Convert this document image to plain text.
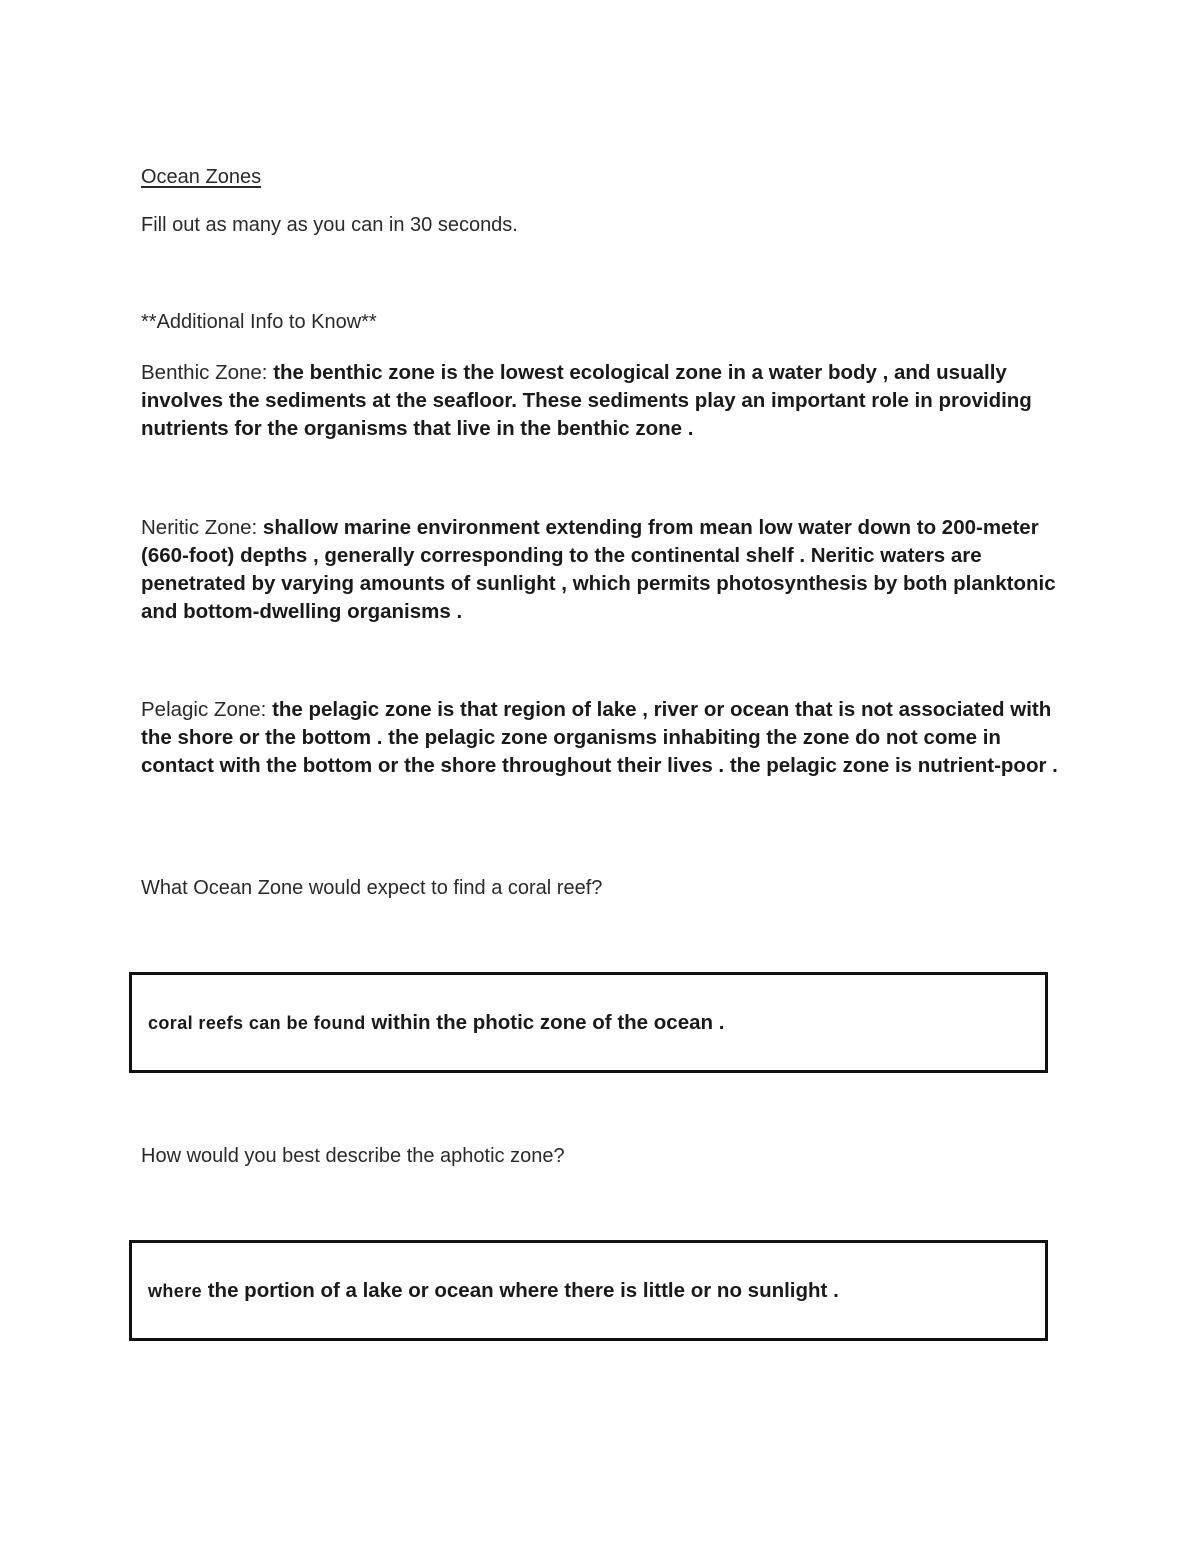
Ocean Zones
Fill out as many as you can in 30 seconds.
**Additional Info to Know**
Benthic Zone: the benthic zone is the lowest ecological zone in a water body , and usually involves the sediments at the seafloor. These sediments play an important role in providing nutrients for the organisms that live in the benthic zone .
Neritic Zone: shallow marine environment extending from mean low water down to 200-meter (660-foot) depths , generally corresponding to the continental shelf . Neritic waters are penetrated by varying amounts of sunlight , which permits photosynthesis by both planktonic and bottom-dwelling organisms .
Pelagic Zone: the pelagic zone is that region of lake , river or ocean that is not associated with the shore or the bottom . the pelagic zone organisms inhabiting the zone do not come in contact with the bottom or the shore throughout their lives . the pelagic zone is nutrient-poor .
What Ocean Zone would expect to find a coral reef?
coral reefs can be found within the photic zone of the ocean .
How would you best describe the aphotic zone?
where the portion of a lake or ocean where there is little or no sunlight .
